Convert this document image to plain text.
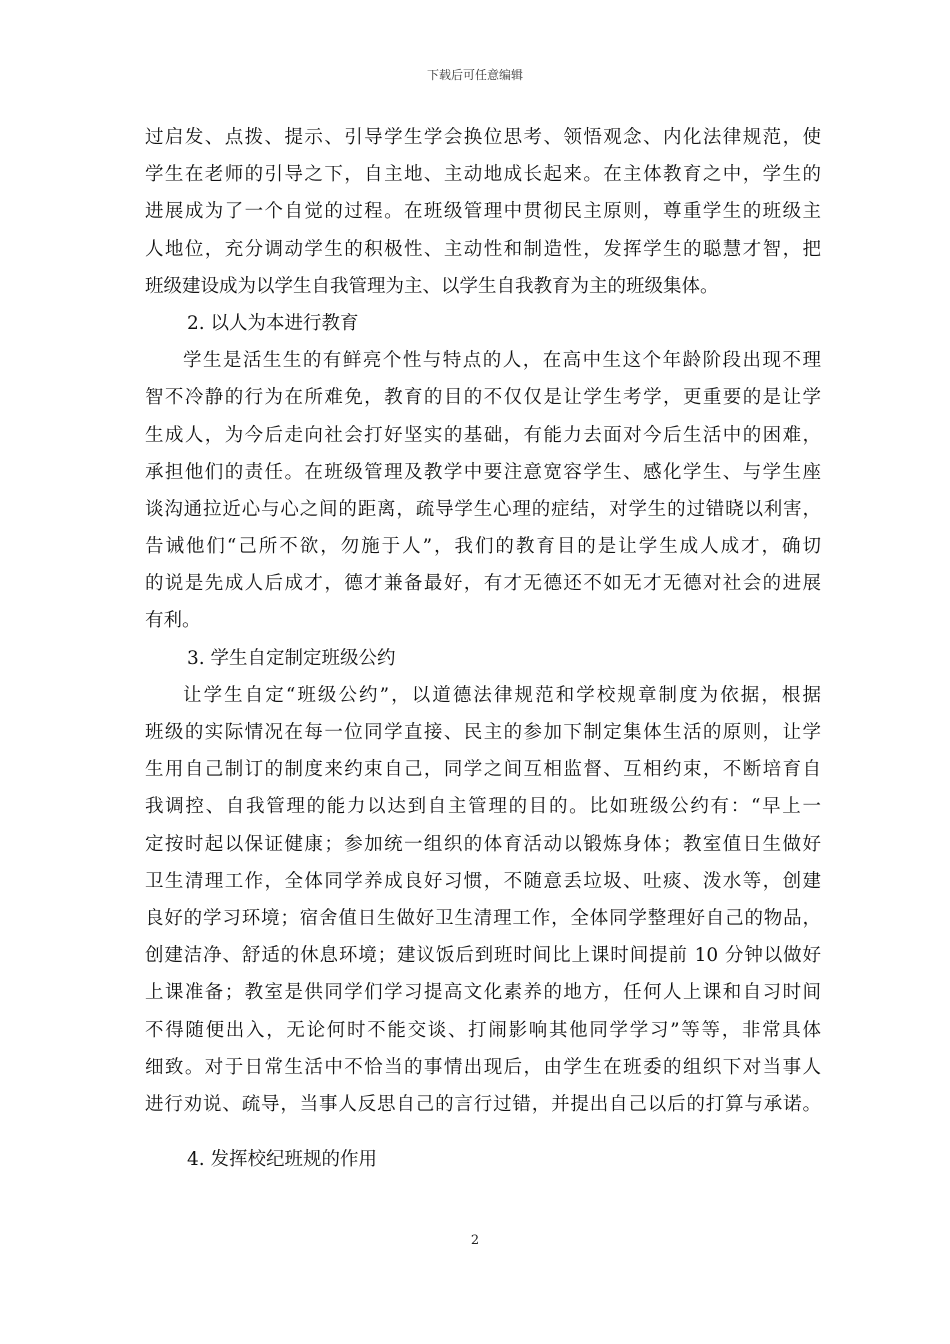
下载后可任意编辑
过启发、点拨、提示、引导学生学会换位思考、领悟观念、内化法律规范，使
学生在老师的引导之下，自主地、主动地成长起来。在主体教育之中，学生的
进展成为了一个自觉的过程。在班级管理中贯彻民主原则，尊重学生的班级主
人地位，充分调动学生的积极性、主动性和制造性，发挥学生的聪慧才智，把
班级建设成为以学生自我管理为主、以学生自我教育为主的班级集体。
2. 以人为本进行教育
学生是活生生的有鲜亮个性与特点的人，在高中生这个年龄阶段出现不理
智不冷静的行为在所难免，教育的目的不仅仅是让学生考学，更重要的是让学
生成人，为今后走向社会打好坚实的基础，有能力去面对今后生活中的困难，
承担他们的责任。在班级管理及教学中要注意宽容学生、感化学生、与学生座
谈沟通拉近心与心之间的距离，疏导学生心理的症结，对学生的过错晓以利害，
告诫他们“己所不欲，勿施于人”，我们的教育目的是让学生成人成才，确切
的说是先成人后成才，德才兼备最好，有才无德还不如无才无德对社会的进展
有利。
3. 学生自定制定班级公约
让学生自定“班级公约”，以道德法律规范和学校规章制度为依据，根据
班级的实际情况在每一位同学直接、民主的参加下制定集体生活的原则，让学
生用自己制订的制度来约束自己，同学之间互相监督、互相约束，不断培育自
我调控、自我管理的能力以达到自主管理的目的。比如班级公约有：“早上一
定按时起以保证健康；参加统一组织的体育活动以锻炼身体；教室值日生做好
卫生清理工作，全体同学养成良好习惯，不随意丢垃圾、吐痰、泼水等，创建
良好的学习环境；宿舍值日生做好卫生清理工作，全体同学整理好自己的物品，
创建洁净、舒适的休息环境；建议饭后到班时间比上课时间提前 10 分钟以做好
上课准备；教室是供同学们学习提高文化素养的地方，任何人上课和自习时间
不得随便出入，无论何时不能交谈、打闹影响其他同学学习”等等，非常具体
细致。对于日常生活中不恰当的事情出现后，由学生在班委的组织下对当事人
进行劝说、疏导，当事人反思自己的言行过错，并提出自己以后的打算与承诺。
4. 发挥校纪班规的作用
2
